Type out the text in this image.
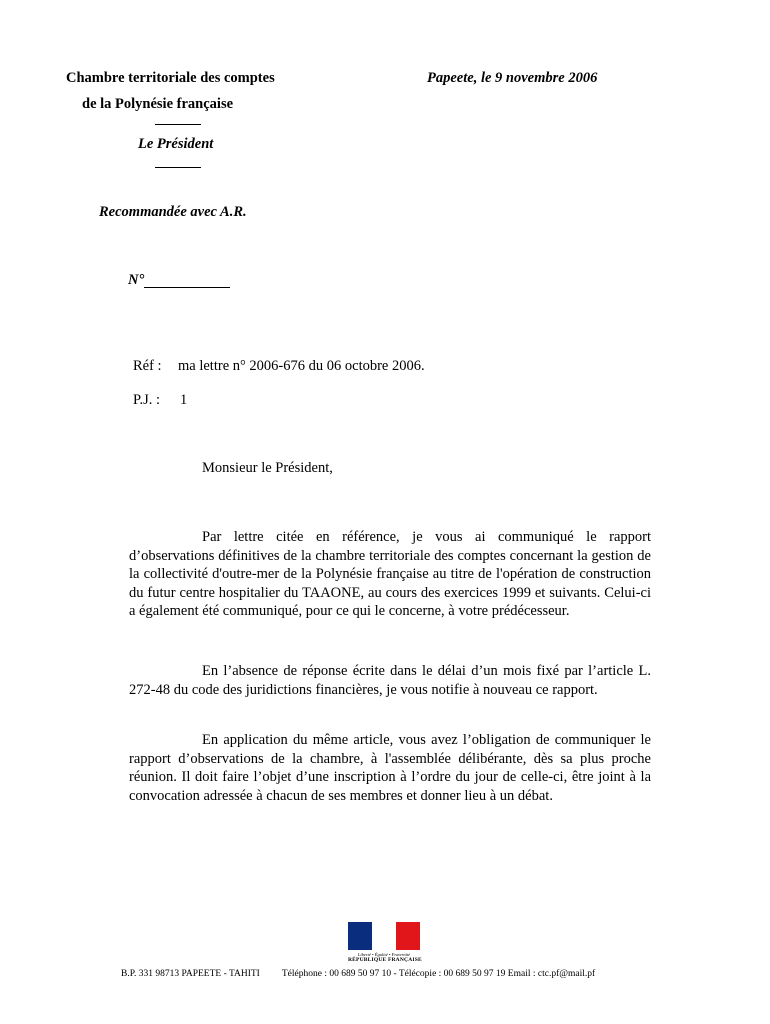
Chambre territoriale des comptes
de la Polynésie française
Le Président
Papeete, le 9 novembre 2006
Recommandée avec A.R.
N°
Réf : ma lettre n° 2006-676 du 06 octobre 2006.
P.J. : 1
Monsieur le Président,
Par lettre citée en référence, je vous ai communiqué le rapport d’observations définitives de la chambre territoriale des comptes concernant la gestion de la collectivité d'outre-mer de la Polynésie française au titre de l'opération de construction du futur centre hospitalier du TAAONE, au cours des exercices 1999 et suivants. Celui-ci a également été communiqué, pour ce qui le concerne, à votre prédécesseur.
En l’absence de réponse écrite dans le délai d’un mois fixé par l’article L. 272-48 du code des juridictions financières, je vous notifie à nouveau ce rapport.
En application du même article, vous avez l’obligation de communiquer le rapport d’observations de la chambre, à l'assemblée délibérante, dès sa plus proche réunion. Il doit faire l’objet d’une inscription à l’ordre du jour de celle-ci, être joint à la convocation adressée à chacun de ses membres et donner lieu à un débat.
Liberté • Égalité • Fraternité
RÉPUBLIQUE FRANÇAISE
B.P. 331 98713 PAPEETE - TAHITI Téléphone : 00 689 50 97 10 - Télécopie : 00 689 50 97 19 Email : ctc.pf@mail.pf
